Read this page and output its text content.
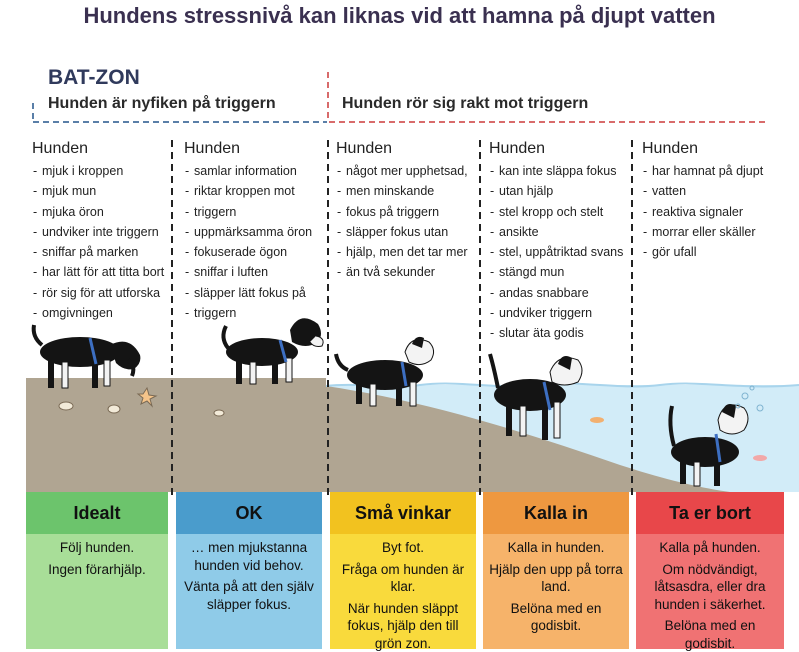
Hundens stressnivå kan liknas vid att hamna på djupt vatten
BAT-ZON
Hunden är nyfiken på triggern	Hunden rör sig rakt mot triggern
Hunden
- mjuk i kroppen
- mjuk mun
- mjuka öron
- undviker inte triggern
- sniffar på marken
- har lätt för att titta bort
- rör sig för att utforska
- omgivningen
Hunden
- samlar information
- riktar kroppen mot
- triggern
- uppmärksamma öron
- fokuserade ögon
- sniffar i luften
- släpper lätt fokus på
- triggern
Hunden
- något mer upphetsad,
- men minskande
- fokus på triggern
- släpper fokus utan
- hjälp, men det tar mer
- än två sekunder
Hunden
- kan inte släppa fokus
- utan hjälp
- stel kropp och stelt
- ansikte
- stel, uppåtriktad svans
- stängd mun
- andas snabbare
- undviker triggern
- slutar äta godis
Hunden
- har hamnat på djupt
- vatten
- reaktiva signaler
- morrar eller skäller
- gör ufall
Idealt

Följ hunden.

Ingen förarhjälp.

OK

… men mjukstanna hunden vid behov.

Vänta på att den själv släpper fokus.

Små vinkar

Byt fot.

Fråga om hunden är klar.

När hunden släppt fokus, hjälp den till grön zon.

Kalla in

Kalla in hunden.

Hjälp den upp på torra land.

Belöna med en godisbit.

Ta er bort

Kalla på hunden.

Om nödvändigt, låtsasdra, eller dra hunden i säkerhet.

Belöna med en godisbit.
